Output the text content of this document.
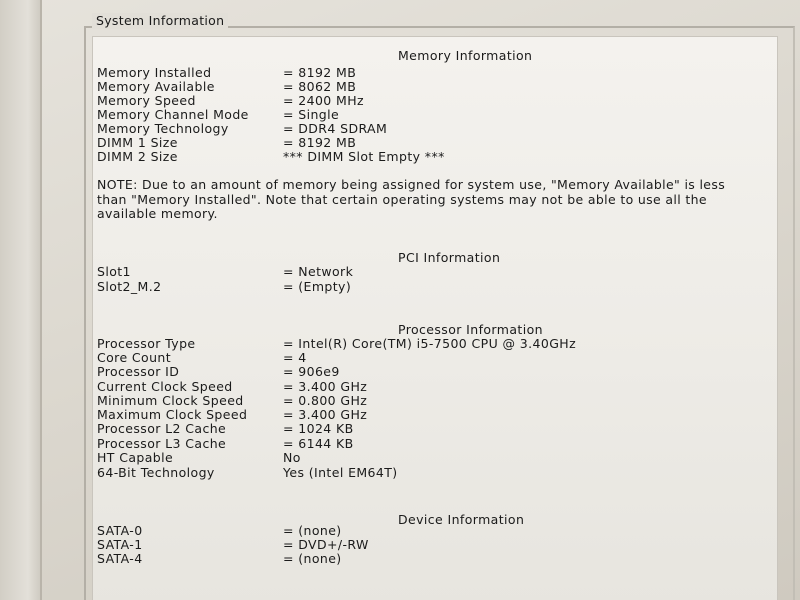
System Information
Memory Information
Memory Installed	= 8192 MB
Memory Available	= 8062 MB
Memory Speed	= 2400 MHz
Memory Channel Mode	= Single
Memory Technology	= DDR4 SDRAM
DIMM 1 Size	= 8192 MB
DIMM 2 Size	*** DIMM Slot Empty ***
NOTE: Due to an amount of memory being assigned for system use, "Memory Available" is less
than "Memory Installed". Note that certain operating systems may not be able to use all the
available memory.
PCI Information
Slot1	= Network
Slot2_M.2	= (Empty)
Processor Information
Processor Type	= Intel(R) Core(TM) i5-7500 CPU @ 3.40GHz
Core Count	= 4
Processor ID	= 906e9
Current Clock Speed	= 3.400 GHz
Minimum Clock Speed	= 0.800 GHz
Maximum Clock Speed	= 3.400 GHz
Processor L2 Cache	= 1024 KB
Processor L3 Cache	= 6144 KB
HT Capable	No
64-Bit Technology	Yes (Intel EM64T)
Device Information
SATA-0	= (none)
SATA-1	= DVD+/-RW
SATA-4	= (none)
